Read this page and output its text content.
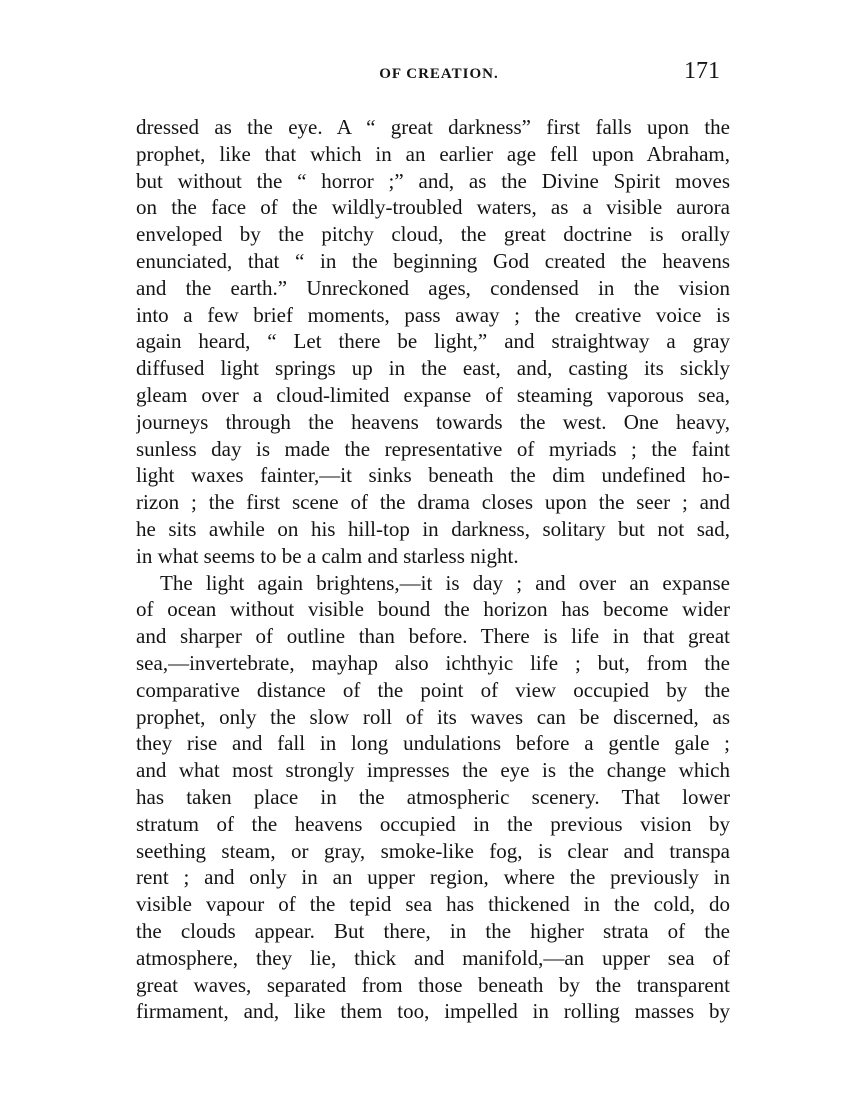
OF CREATION.	171
dressed as the eye. A “ great darkness” first falls upon the
prophet, like that which in an earlier age fell upon Abraham,
but without the “ horror ;” and, as the Divine Spirit moves
on the face of the wildly-troubled waters, as a visible aurora
enveloped by the pitchy cloud, the great doctrine is orally
enunciated, that “ in the beginning God created the heavens
and the earth.” Unreckoned ages, condensed in the vision
into a few brief moments, pass away ; the creative voice is
again heard, “ Let there be light,” and straightway a gray
diffused light springs up in the east, and, casting its sickly
gleam over a cloud-limited expanse of steaming vaporous sea,
journeys through the heavens towards the west. One heavy,
sunless day is made the representative of myriads ; the faint
light waxes fainter,—it sinks beneath the dim undefined ho-
rizon ; the first scene of the drama closes upon the seer ; and
he sits awhile on his hill-top in darkness, solitary but not sad,
in what seems to be a calm and starless night.
The light again brightens,—it is day ; and over an expanse
of ocean without visible bound the horizon has become wider
and sharper of outline than before. There is life in that great
sea,—invertebrate, mayhap also ichthyic life ; but, from the
comparative distance of the point of view occupied by the
prophet, only the slow roll of its waves can be discerned, as
they rise and fall in long undulations before a gentle gale ;
and what most strongly impresses the eye is the change which
has taken place in the atmospheric scenery. That lower
stratum of the heavens occupied in the previous vision by
seething steam, or gray, smoke-like fog, is clear and transpa
rent ; and only in an upper region, where the previously in
visible vapour of the tepid sea has thickened in the cold, do
the clouds appear. But there, in the higher strata of the
atmosphere, they lie, thick and manifold,—an upper sea of
great waves, separated from those beneath by the transparent
firmament, and, like them too, impelled in rolling masses by
